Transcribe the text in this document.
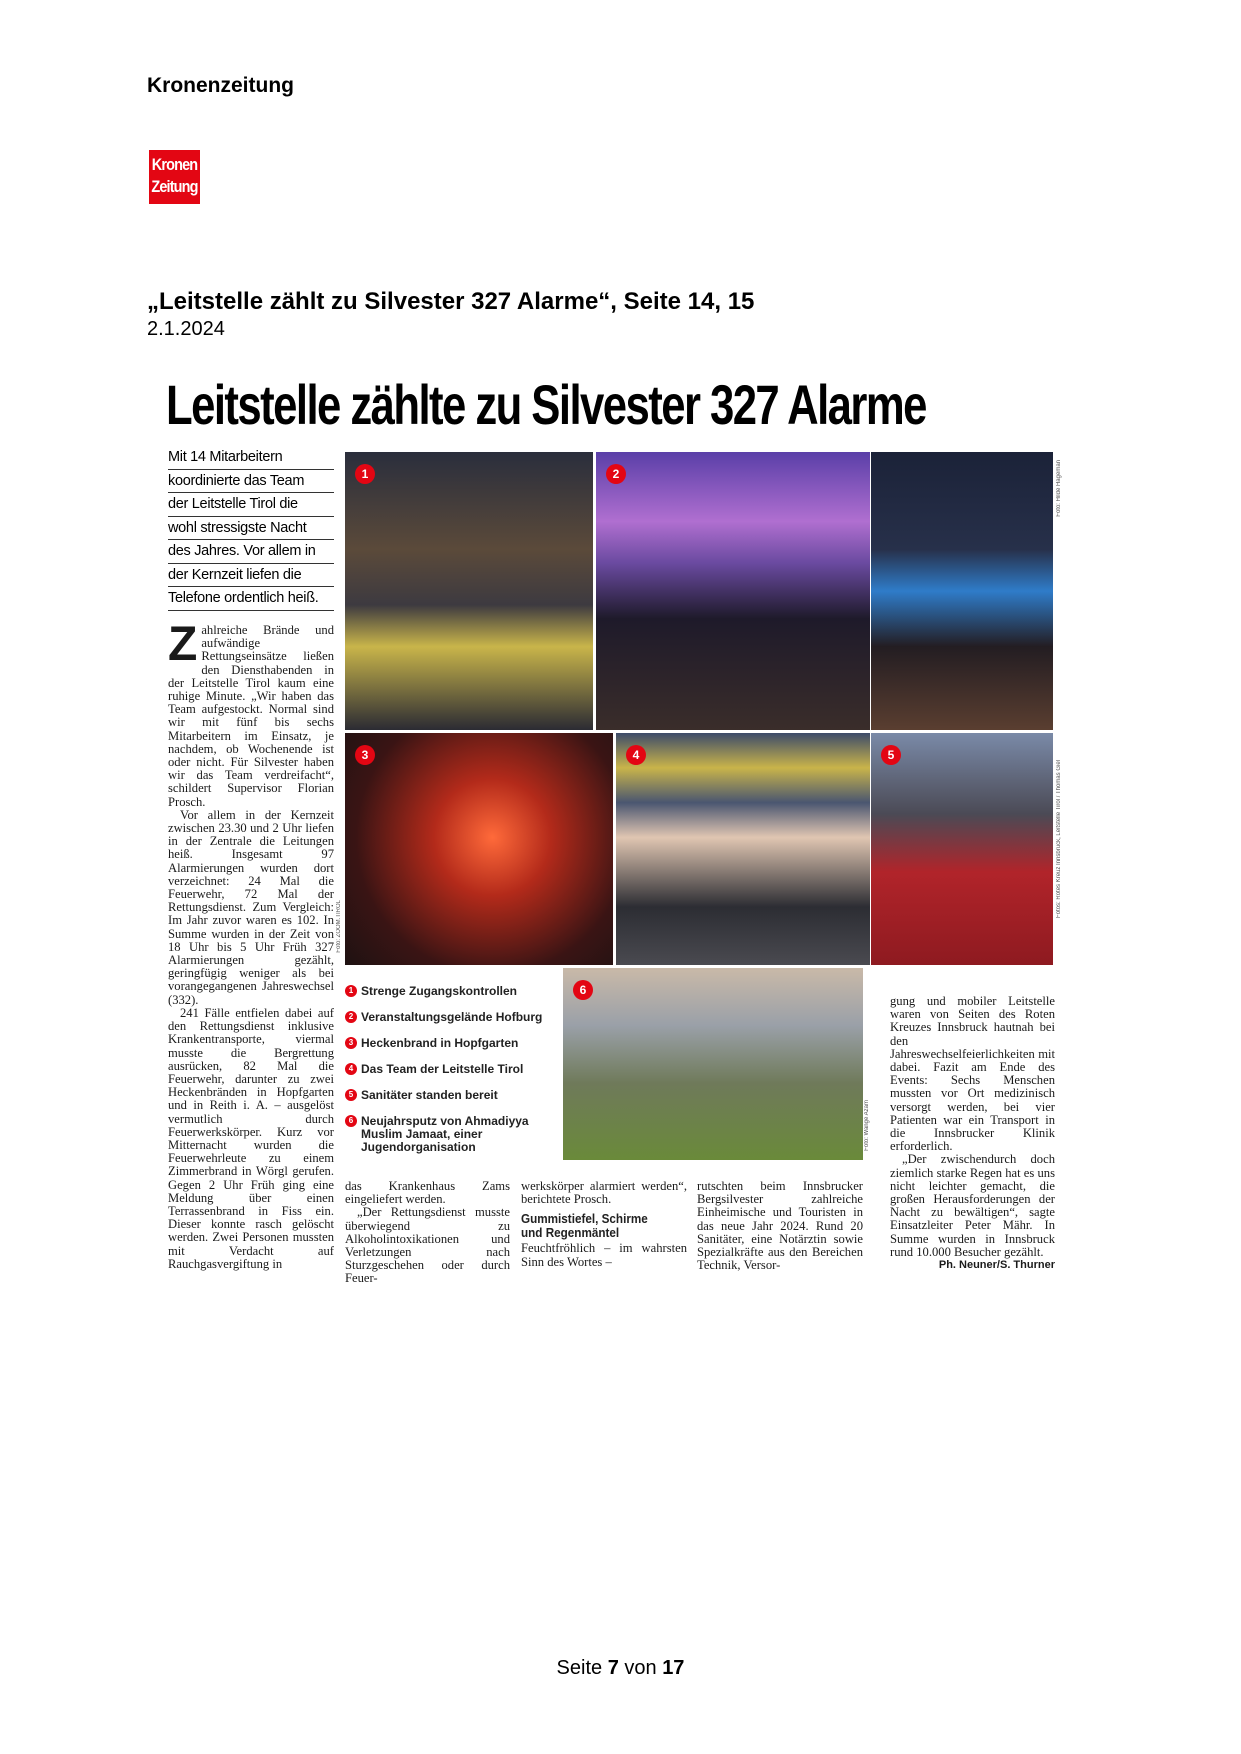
Kronenzeitung
Kronen
Zeitung
„Leitstelle zählt zu Silvester 327 Alarme“, Seite 14, 15
2.1.2024
Leitstelle zählte zu Silvester 327 Alarme
Mit 14 Mitarbeitern
koordinierte das Team
der Leitstelle Tirol die
wohl stressigste Nacht
des Jahres. Vor allem in
der Kernzeit liefen die
Telefone ordentlich heiß.
Z ahlreiche Brände und aufwändige Rettungseinsätze ließen den Diensthabenden in der Leitstelle Tirol kaum eine ruhige Minute. „Wir haben das Team aufgestockt. Normal sind wir mit fünf bis sechs Mitarbeitern im Einsatz, je nachdem, ob Wochenende ist oder nicht. Für Silvester haben wir das Team verdreifacht“, schildert Supervisor Florian Prosch.

Vor allem in der Kernzeit zwischen 23.30 und 2 Uhr liefen in der Zentrale die Leitungen heiß. Insgesamt 97 Alarmierungen wurden dort verzeichnet: 24 Mal die Feuerwehr, 72 Mal der Rettungsdienst. Zum Vergleich: Im Jahr zuvor waren es 102. In Summe wurden in der Zeit von 18 Uhr bis 5 Uhr Früh 327 Alarmierungen gezählt, geringfügig weniger als bei vorangegangenen Jahreswechsel (332).

241 Fälle entfielen dabei auf den Rettungsdienst inklusive Krankentransporte, viermal musste die Bergrettung ausrücken, 82 Mal die Feuerwehr, darunter zu zwei Heckenbränden in Hopfgarten und in Reith i. A. – ausgelöst vermutlich durch Feuerwerkskörper. Kurz vor Mitternacht wurden die Feuerwehrleute zu einem Zimmerbrand in Wörgl gerufen. Gegen 2 Uhr Früh ging eine Meldung über einen Terrassenbrand in Fiss ein. Dieser konnte rasch gelöscht werden. Zwei Personen mussten mit Verdacht auf Rauchgasvergiftung in

1	2
3	4	5
6
Foto: Hilde Hageman
Fotos: Rotes Kreuz Innsbruck, Leitstelle Tirol / Thomas Giel
Foto: ZOOM.TIROL
Foto: Wange Azam
1 Strenge Zugangskontrollen
2 Veranstaltungsgelände Hofburg
3 Heckenbrand in Hopfgarten
4 Das Team der Leitstelle Tirol
5 Sanitäter standen bereit
6 Neujahrsputz von Ahmadiyya Muslim Jamaat, einer Jugendorganisation

das Krankenhaus Zams eingeliefert werden.

„Der Rettungsdienst musste überwiegend zu Alkoholintoxikationen und Verletzungen nach Sturzgeschehen oder durch Feuer-

werkskörper alarmiert werden“, berichtete Prosch.

Gummistiefel, Schirme und Regenmäntel

Feuchtfröhlich – im wahrsten Sinn des Wortes –

rutschten beim Innsbrucker Bergsilvester zahlreiche Einheimische und Touristen in das neue Jahr 2024. Rund 20 Sanitäter, eine Notärztin sowie Spezialkräfte aus den Bereichen Technik, Versor-

gung und mobiler Leitstelle waren von Seiten des Roten Kreuzes Innsbruck hautnah bei den Jahreswechselfeierlichkeiten mit dabei. Fazit am Ende des Events: Sechs Menschen mussten vor Ort medizinisch versorgt werden, bei vier Patienten war ein Transport in die Innsbrucker Klinik erforderlich.

„Der zwischendurch doch ziemlich starke Regen hat es uns nicht leichter gemacht, die großen Herausforderungen der Nacht zu bewältigen“, sagte Einsatzleiter Peter Mähr. In Summe wurden in Innsbruck rund 10.000 Besucher gezählt.

Ph. Neuner/S. Thurner
Seite 7 von 17
